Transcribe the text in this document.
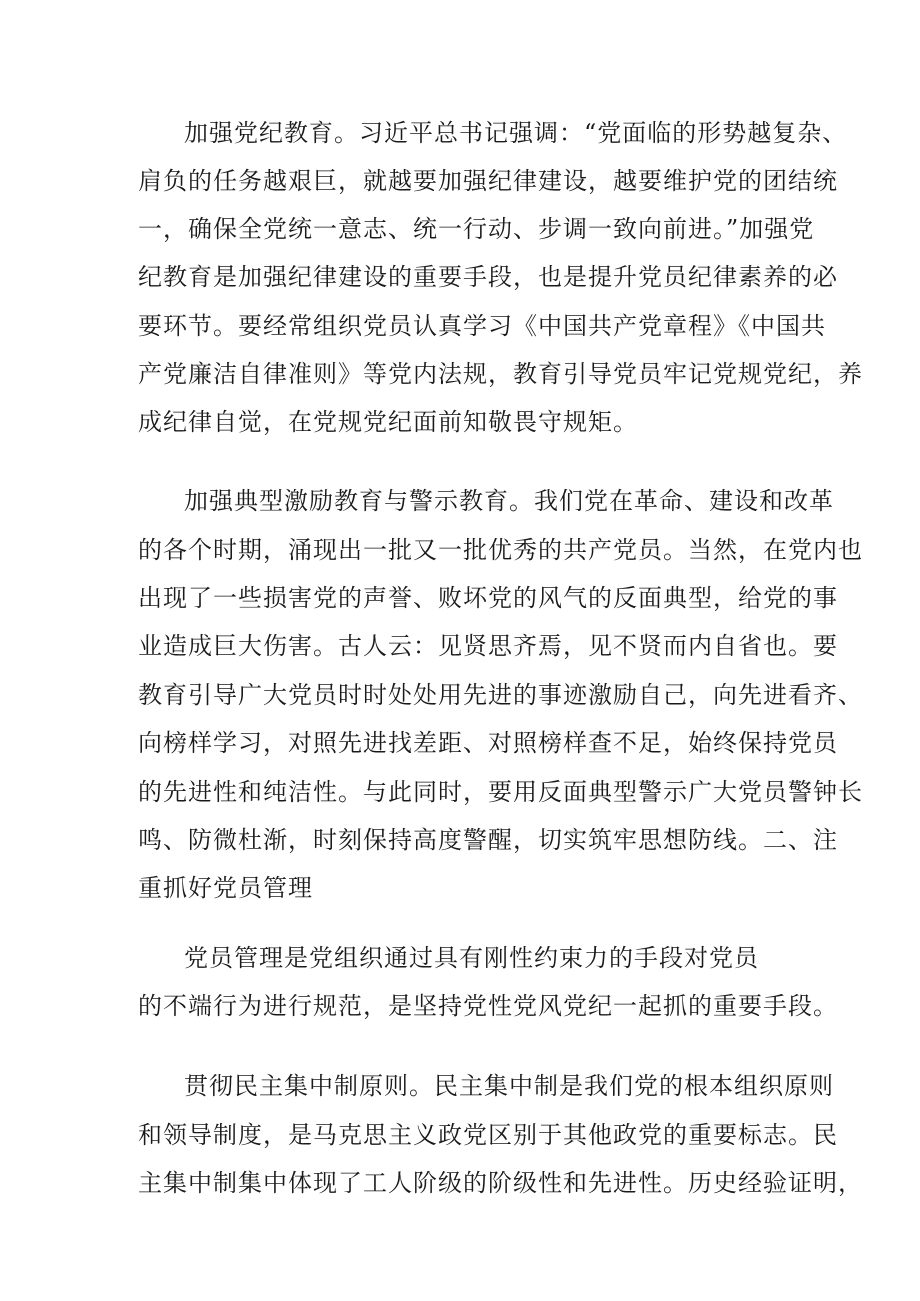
加强党纪教育。习近平总书记强调：“党面临的形势越复杂、
肩负的任务越艰巨，就越要加强纪律建设，越要维护党的团结统
一，确保全党统一意志、统一行动、步调一致向前进。”加强党
纪教育是加强纪律建设的重要手段，也是提升党员纪律素养的必
要环节。要经常组织党员认真学习《中国共产党章程》《中国共
产党廉洁自律准则》等党内法规，教育引导党员牢记党规党纪，养
成纪律自觉，在党规党纪面前知敬畏守规矩。
加强典型激励教育与警示教育。我们党在革命、建设和改革
的各个时期，涌现出一批又一批优秀的共产党员。当然，在党内也
出现了一些损害党的声誉、败坏党的风气的反面典型，给党的事
业造成巨大伤害。古人云：见贤思齐焉，见不贤而内自省也。要
教育引导广大党员时时处处用先进的事迹激励自己，向先进看齐、
向榜样学习，对照先进找差距、对照榜样查不足，始终保持党员
的先进性和纯洁性。与此同时，要用反面典型警示广大党员警钟长
鸣、防微杜渐，时刻保持高度警醒，切实筑牢思想防线。二、注
重抓好党员管理
党员管理是党组织通过具有刚性约束力的手段对党员
的不端行为进行规范，是坚持党性党风党纪一起抓的重要手段。
贯彻民主集中制原则。民主集中制是我们党的根本组织原则
和领导制度，是马克思主义政党区别于其他政党的重要标志。民
主集中制集中体现了工人阶级的阶级性和先进性。历史经验证明，
